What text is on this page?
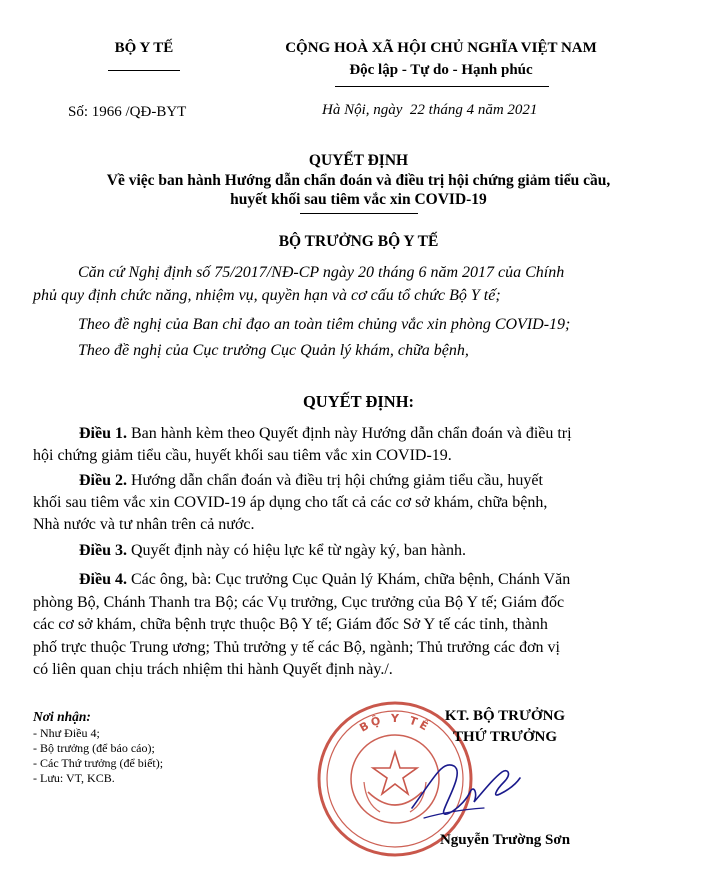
BỘ Y TẾ	CỘNG HOÀ XÃ HỘI CHỦ NGHĨA VIỆT NAM
Độc lập - Tự do - Hạnh phúc
Số: 1966 /QĐ-BYT	Hà Nội, ngày  22 tháng 4 năm 2021
QUYẾT ĐỊNH
Về việc ban hành Hướng dẫn chẩn đoán và điều trị hội chứng giảm tiểu cầu,
huyết khối sau tiêm vắc xin COVID-19
BỘ TRƯỞNG BỘ Y TẾ
Căn cứ Nghị định số 75/2017/NĐ-CP ngày 20 tháng 6 năm 2017 của Chính
phủ quy định chức năng, nhiệm vụ, quyền hạn và cơ cấu tổ chức Bộ Y tế;
Theo đề nghị của Ban chỉ đạo an toàn tiêm chủng vắc xin phòng COVID-19;
Theo đề nghị của Cục trưởng Cục Quản lý khám, chữa bệnh,
QUYẾT ĐỊNH:
Điều 1. Ban hành kèm theo Quyết định này Hướng dẫn chẩn đoán và điều trị
hội chứng giảm tiểu cầu, huyết khối sau tiêm vắc xin COVID-19.
Điều 2. Hướng dẫn chẩn đoán và điều trị hội chứng giảm tiểu cầu, huyết
khối sau tiêm vắc xin COVID-19 áp dụng cho tất cả các cơ sở khám, chữa bệnh,
Nhà nước và tư nhân trên cả nước.
Điều 3. Quyết định này có hiệu lực kể từ ngày ký, ban hành.
Điều 4. Các ông, bà: Cục trưởng Cục Quản lý Khám, chữa bệnh, Chánh Văn
phòng Bộ, Chánh Thanh tra Bộ; các Vụ trưởng, Cục trưởng của Bộ Y tế; Giám đốc
các cơ sở khám, chữa bệnh trực thuộc Bộ Y tế; Giám đốc Sở Y tế các tỉnh, thành
phố trực thuộc Trung ương; Thủ trưởng y tế các Bộ, ngành; Thủ trưởng các đơn vị
có liên quan chịu trách nhiệm thi hành Quyết định này./.
Nơi nhận:
- Như Điều 4;
- Bộ trưởng (để báo cáo);
- Các Thứ trưởng (để biết);
- Lưu: VT, KCB.
BỘ Y TẾ
KT. BỘ TRƯỞNG
THỨ TRƯỞNG
Nguyễn Trường Sơn
